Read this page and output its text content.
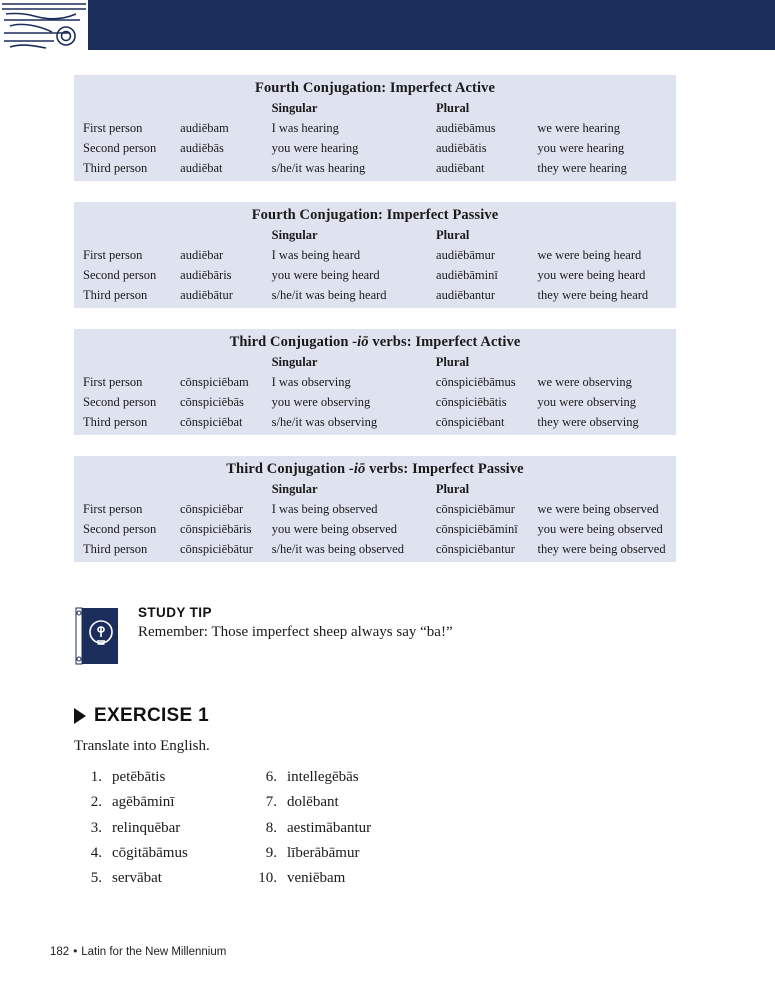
Fourth Conjugation: Imperfect Active				
		Singular	Plural	
First person	audiēbam	I was hearing	audiēbāmus	we were hearing
Second person	audiēbās	you were hearing	audiēbātis	you were hearing
Third person	audiēbat	s/he/it was hearing	audiēbant	they were hearing
Fourth Conjugation: Imperfect Passive				
		Singular	Plural	
First person	audiēbar	I was being heard	audiēbāmur	we were being heard
Second person	audiēbāris	you were being heard	audiēbāminī	you were being heard
Third person	audiēbātur	s/he/it was being heard	audiēbantur	they were being heard
Third Conjugation -iō verbs: Imperfect Active				
		Singular	Plural	
First person	cōnspiciēbam	I was observing	cōnspiciēbāmus	we were observing
Second person	cōnspiciēbās	you were observing	cōnspiciēbātis	you were observing
Third person	cōnspiciēbat	s/he/it was observing	cōnspiciēbant	they were observing
Third Conjugation -iō verbs: Imperfect Passive				
		Singular	Plural	
First person	cōnspiciēbar	I was being observed	cōnspiciēbāmur	we were being observed
Second person	cōnspiciēbāris	you were being observed	cōnspiciēbāminī	you were being observed
Third person	cōnspiciēbātur	s/he/it was being observed	cōnspiciēbantur	they were being observed

STUDY TIP

Remember: Those imperfect sheep always say “ba!”

EXERCISE 1
Translate into English.
1. petēbātis
2. agēbāminī
3. relinquēbar
4. cōgitābāmus
5. servābat
6. intellegēbās
7. dolēbant
8. aestimābantur
9. līberābāmur
10. veniēbam
182 • Latin for the New Millennium
